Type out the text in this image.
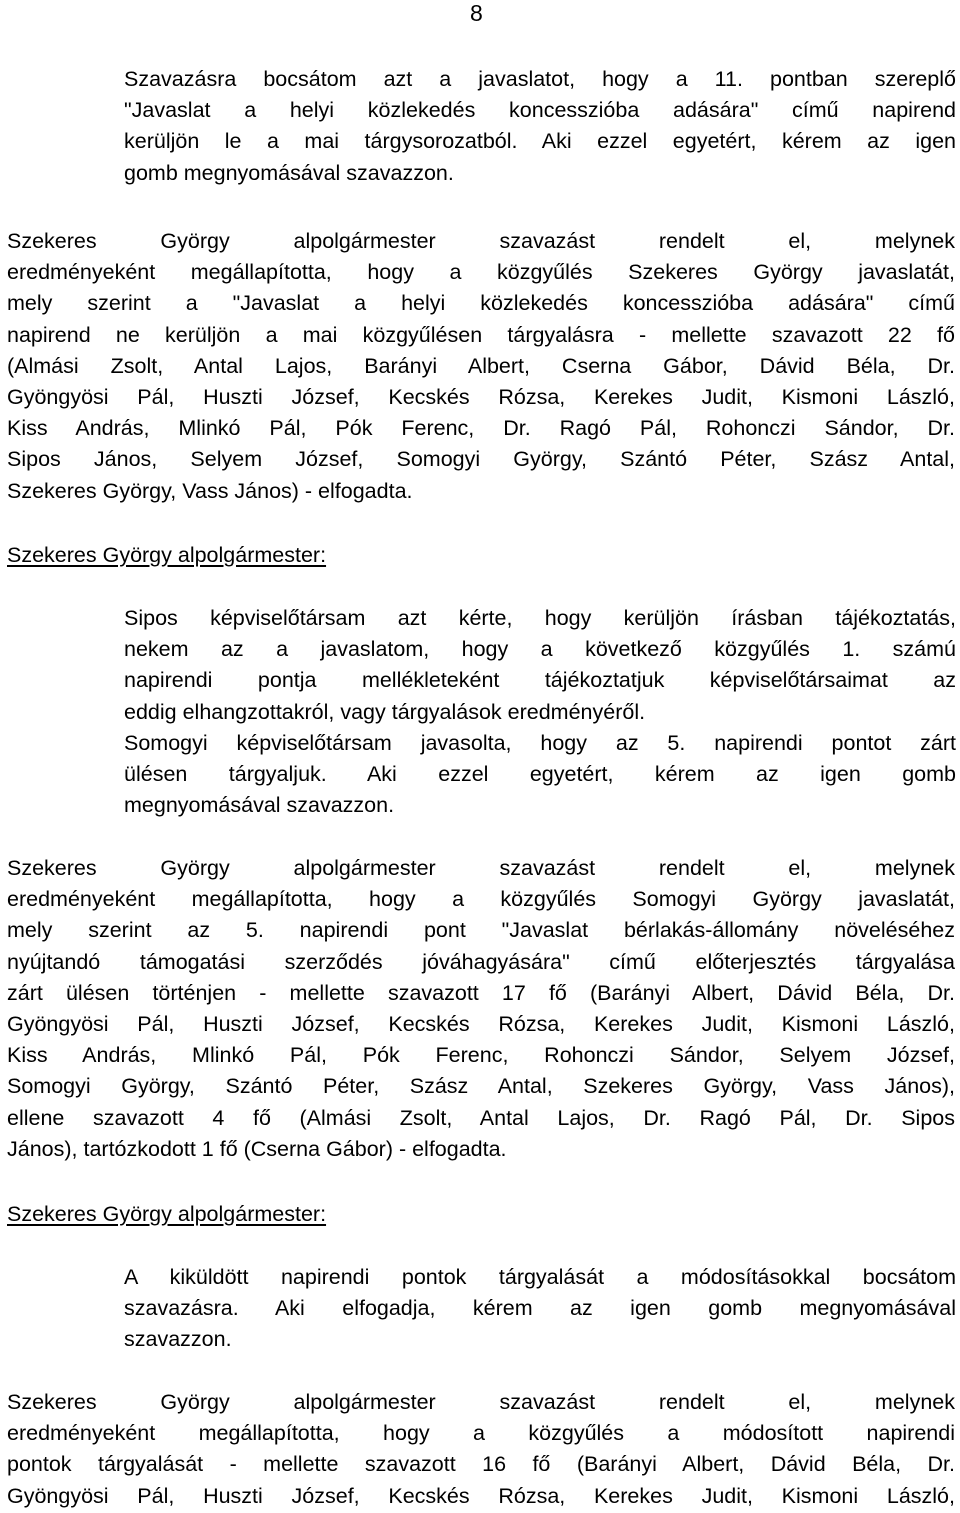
8
Szavazásra bocsátom azt a javaslatot, hogy a 11. pontban szereplő
"Javaslat a helyi közlekedés koncesszióba adására" című napirend
kerüljön le a mai tárgysorozatból. Aki ezzel egyetért, kérem az igen
gomb megnyomásával szavazzon.
Szekeres György alpolgármester szavazást rendelt el, melynek
eredményeként megállapította, hogy a közgyűlés Szekeres György javaslatát,
mely szerint a "Javaslat a helyi közlekedés koncesszióba adására" című
napirend ne kerüljön a mai közgyűlésen tárgyalásra - mellette szavazott 22 fő
(Almási Zsolt, Antal Lajos, Barányi Albert, Cserna Gábor, Dávid Béla, Dr.
Gyöngyösi Pál, Huszti József, Kecskés Rózsa, Kerekes Judit, Kismoni László,
Kiss András, Mlinkó Pál, Pók Ferenc, Dr. Ragó Pál, Rohonczi Sándor, Dr.
Sipos János, Selyem József, Somogyi György, Szántó Péter, Szász Antal,
Szekeres György, Vass János) - elfogadta.
Szekeres György alpolgármester:
Sipos képviselőtársam azt kérte, hogy kerüljön írásban tájékoztatás,
nekem az a javaslatom, hogy a következő közgyűlés 1. számú
napirendi pontja mellékleteként tájékoztatjuk képviselőtársaimat az
eddig elhangzottakról, vagy tárgyalások eredményéről.
Somogyi képviselőtársam javasolta, hogy az 5. napirendi pontot zárt
ülésen tárgyaljuk. Aki ezzel egyetért, kérem az igen gomb
megnyomásával szavazzon.
Szekeres György alpolgármester szavazást rendelt el, melynek
eredményeként megállapította, hogy a közgyűlés Somogyi György javaslatát,
mely szerint az 5. napirendi pont "Javaslat bérlakás-állomány növeléséhez
nyújtandó támogatási szerződés jóváhagyására" című előterjesztés tárgyalása
zárt ülésen történjen - mellette szavazott 17 fő (Barányi Albert, Dávid Béla, Dr.
Gyöngyösi Pál, Huszti József, Kecskés Rózsa, Kerekes Judit, Kismoni László,
Kiss András, Mlinkó Pál, Pók Ferenc, Rohonczi Sándor, Selyem József,
Somogyi György, Szántó Péter, Szász Antal, Szekeres György, Vass János),
ellene szavazott 4 fő (Almási Zsolt, Antal Lajos, Dr. Ragó Pál, Dr. Sipos
János), tartózkodott 1 fő (Cserna Gábor) - elfogadta.
Szekeres György alpolgármester:
A kiküldött napirendi pontok tárgyalását a módosításokkal bocsátom
szavazásra. Aki elfogadja, kérem az igen gomb megnyomásával
szavazzon.
Szekeres György alpolgármester szavazást rendelt el, melynek
eredményeként megállapította, hogy a közgyűlés a módosított napirendi
pontok tárgyalását - mellette szavazott 16 fő (Barányi Albert, Dávid Béla, Dr.
Gyöngyösi Pál, Huszti József, Kecskés Rózsa, Kerekes Judit, Kismoni László,
